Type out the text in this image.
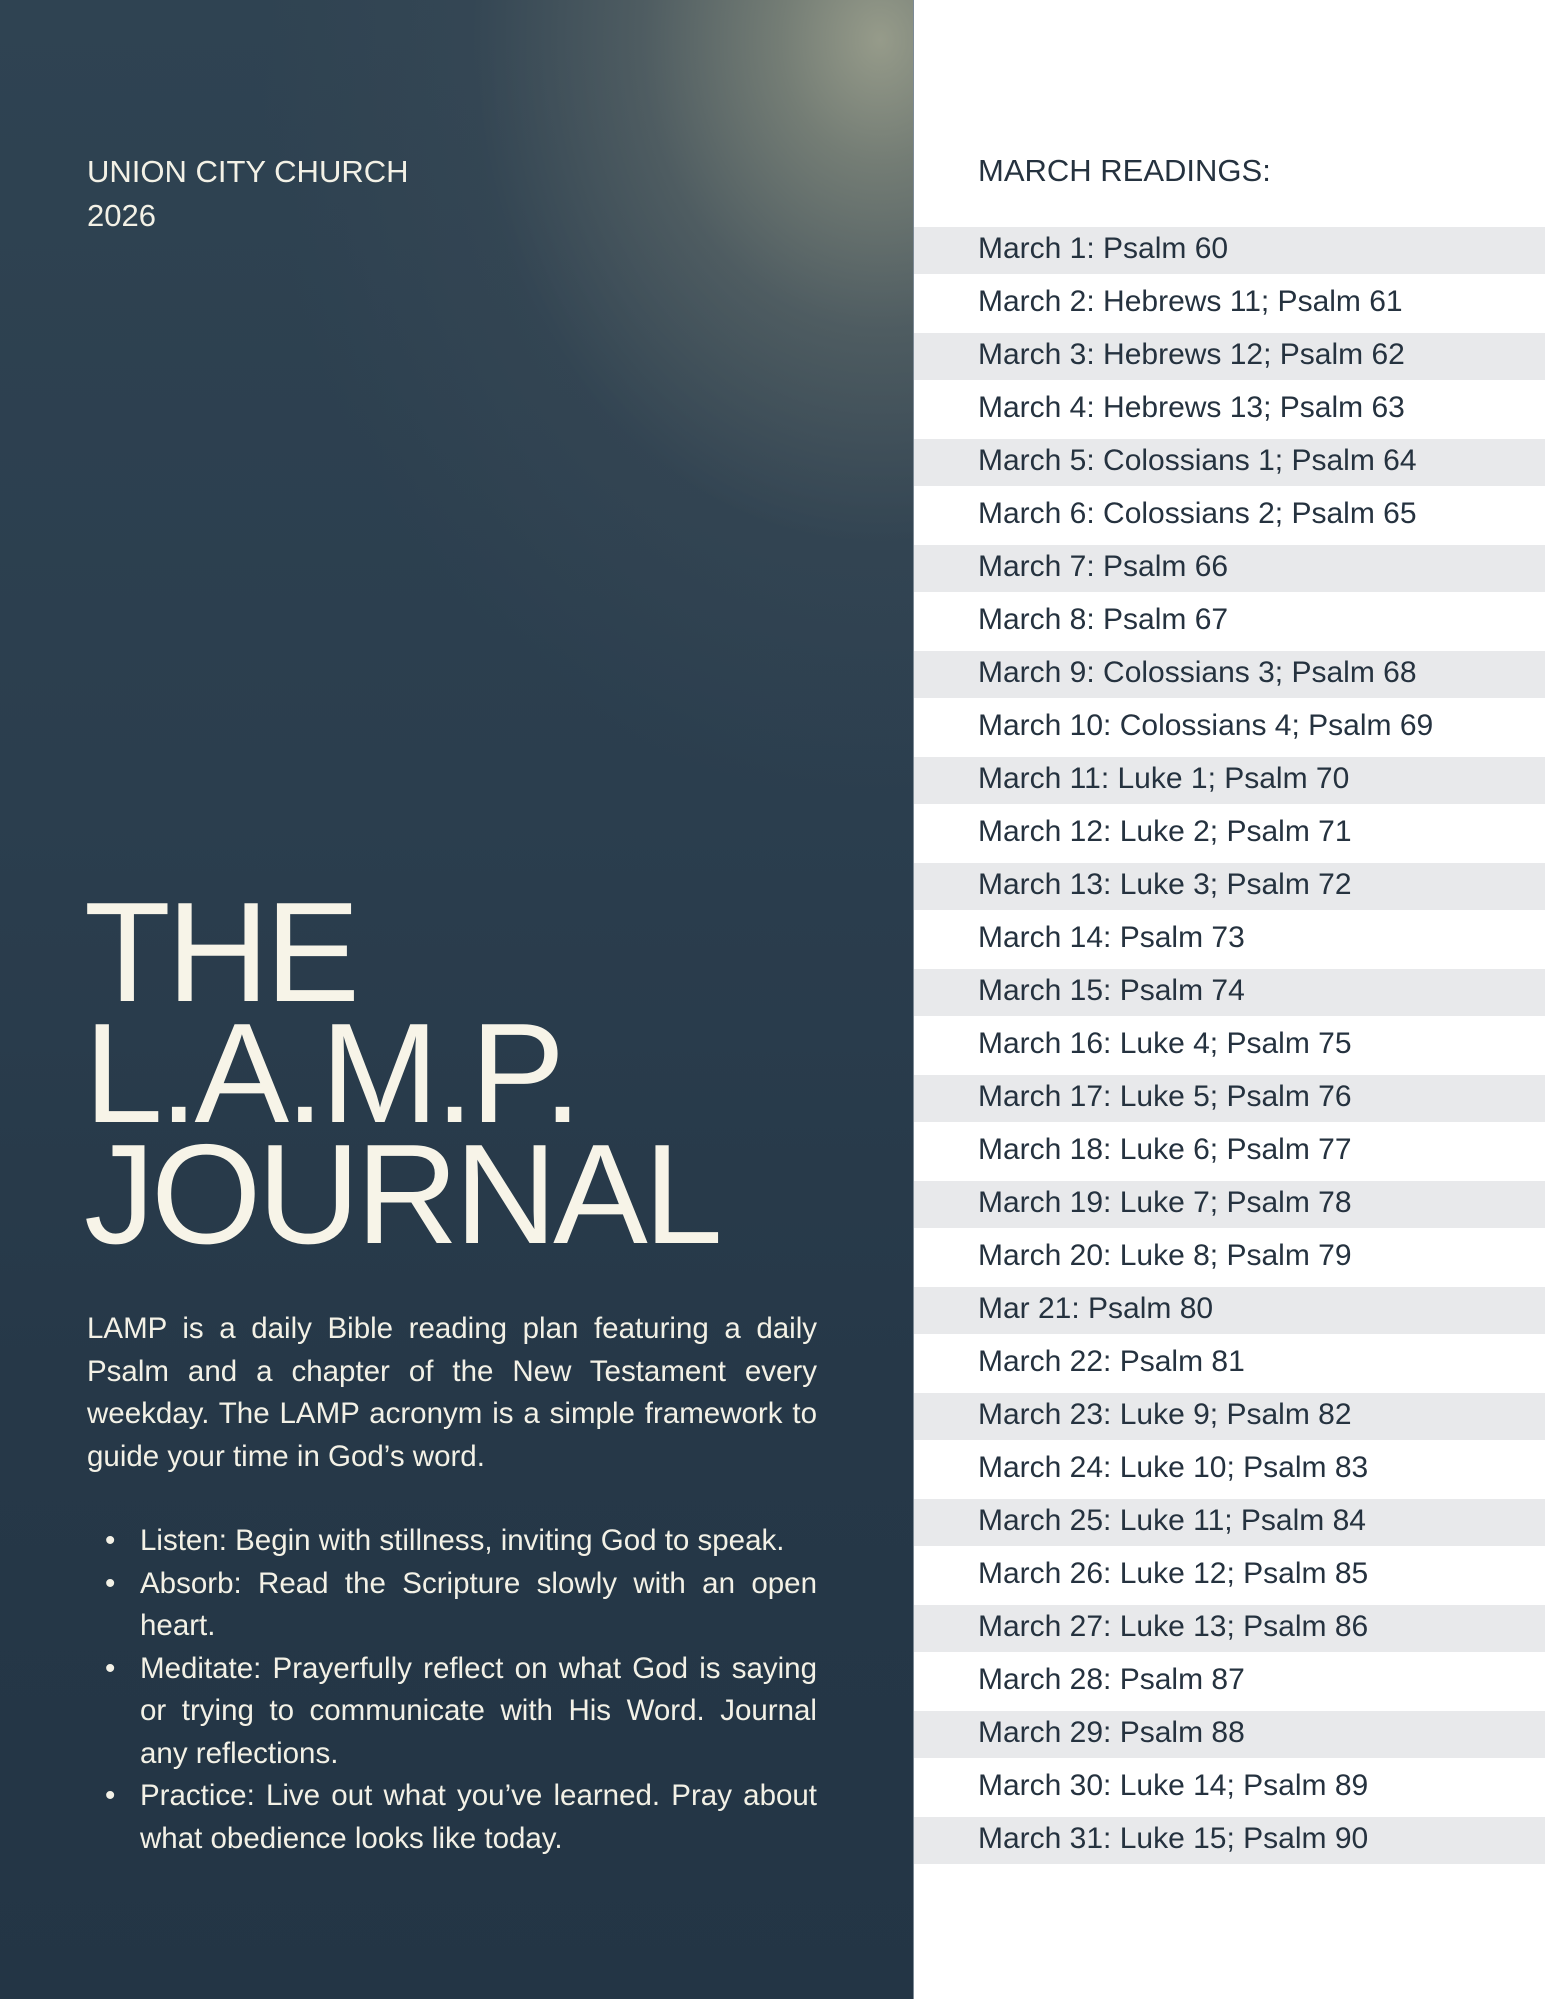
UNION CITY CHURCH
2026
THE
L.A.M.P.
JOURNAL

LAMP is a daily Bible reading plan featuring a daily Psalm and a chapter of the New Testament every weekday. The LAMP acronym is a simple framework to guide your time in God’s word.

• Listen: Begin with stillness, inviting God to speak.
• Absorb: Read the Scripture slowly with an open heart.
• Meditate: Prayerfully reflect on what God is saying or trying to communicate with His Word. Journal any reflections.
• Practice: Live out what you’ve learned. Pray about what obedience looks like today.
MARCH READINGS:
March 1: Psalm 60
March 2: Hebrews 11; Psalm 61
March 3: Hebrews 12; Psalm 62
March 4: Hebrews 13; Psalm 63
March 5: Colossians 1; Psalm 64
March 6: Colossians 2; Psalm 65
March 7: Psalm 66
March 8: Psalm 67
March 9: Colossians 3; Psalm 68
March 10: Colossians 4; Psalm 69
March 11: Luke 1; Psalm 70
March 12: Luke 2; Psalm 71
March 13: Luke 3; Psalm 72
March 14: Psalm 73
March 15: Psalm 74
March 16: Luke 4; Psalm 75
March 17: Luke 5; Psalm 76
March 18: Luke 6; Psalm 77
March 19: Luke 7; Psalm 78
March 20: Luke 8; Psalm 79
Mar 21: Psalm 80
March 22: Psalm 81
March 23: Luke 9; Psalm 82
March 24: Luke 10; Psalm 83
March 25: Luke 11; Psalm 84
March 26: Luke 12; Psalm 85
March 27: Luke 13; Psalm 86
March 28: Psalm 87
March 29: Psalm 88
March 30: Luke 14; Psalm 89
March 31: Luke 15; Psalm 90
